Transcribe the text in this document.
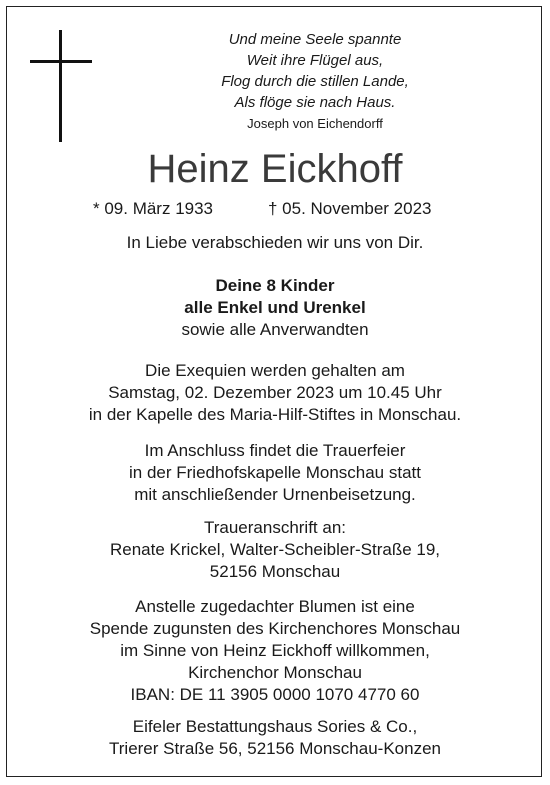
Und meine Seele spannte
Weit ihre Flügel aus,
Flog durch die stillen Lande,
Als flöge sie nach Haus.
Joseph von Eichendorff
Heinz Eickhoff
* 09. März 1933	† 05. November 2023
In Liebe verabschieden wir uns von Dir.
Deine 8 Kinder
alle Enkel und Urenkel
sowie alle Anverwandten
Die Exequien werden gehalten am
Samstag, 02. Dezember 2023 um 10.45 Uhr
in der Kapelle des Maria-Hilf-Stiftes in Monschau.
Im Anschluss findet die Trauerfeier
in der Friedhofskapelle Monschau statt
mit anschließender Urnenbeisetzung.
Traueranschrift an:
Renate Krickel, Walter-Scheibler-Straße 19,
52156 Monschau
Anstelle zugedachter Blumen ist eine
Spende zugunsten des Kirchenchores Monschau
im Sinne von Heinz Eickhoff willkommen,
Kirchenchor Monschau
IBAN: DE 11 3905 0000 1070 4770 60
Eifeler Bestattungshaus Sories & Co.,
Trierer Straße 56, 52156 Monschau-Konzen
